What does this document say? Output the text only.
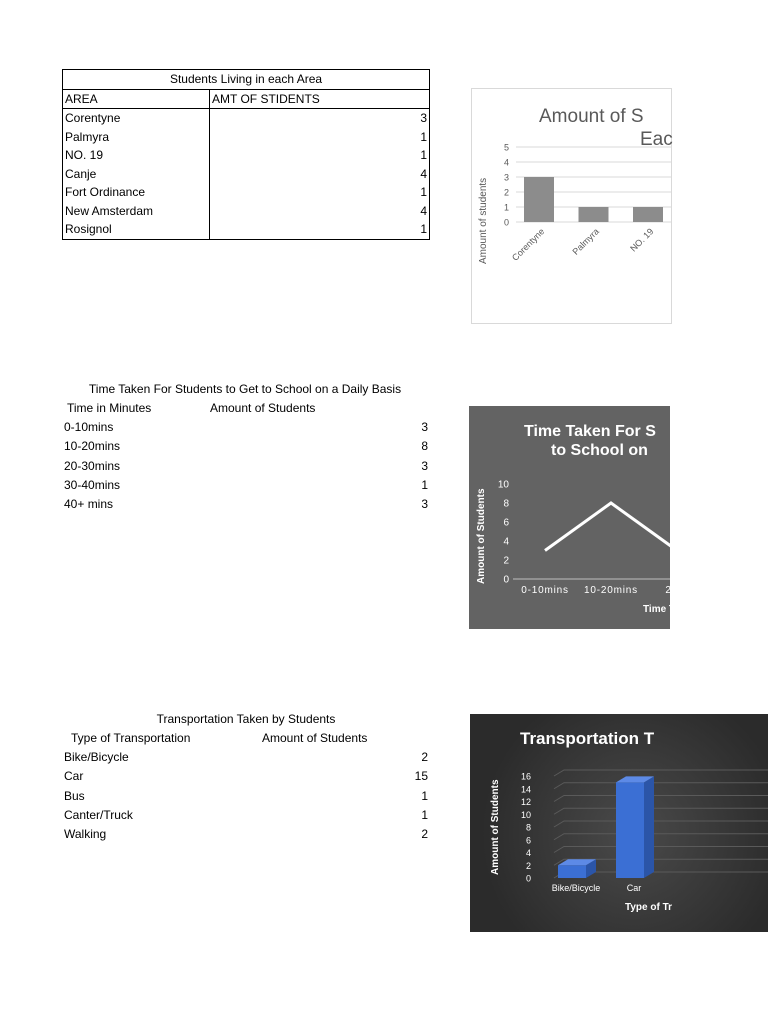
Students Living in each Area	
AREA	AMT OF STIDENTS
Corentyne	3
Palmyra	1
NO. 19	1
Canje	4
Fort Ordinance	1
New Amsterdam	4
Rosignol	1
Amount of S
Eac
Amount of students 0
1
2
3
4
5
Corentyne	Palmyra	NO. 19
Time Taken For Students to Get to School on a Daily Basis
Time in Minutes	Amount of Students
0-10mins	3
10-20mins	8
20-30mins	3
30-40mins	1
40+ mins	3
Time Taken For S
to School on
Amount of Students
Time T
0
2
4
6
8
10
0-10mins 10-20mins	20-3
Transportation Taken by Students
Type of Transportation	Amount of Students
Bike/Bicycle	2
Car	15
Bus	1
Canter/Truck	1
Walking	2
Transportation T
Amount of Students
Type of Tr
0
2
4
6
8
10
12
14
16
Bike/Bicycle	Car
